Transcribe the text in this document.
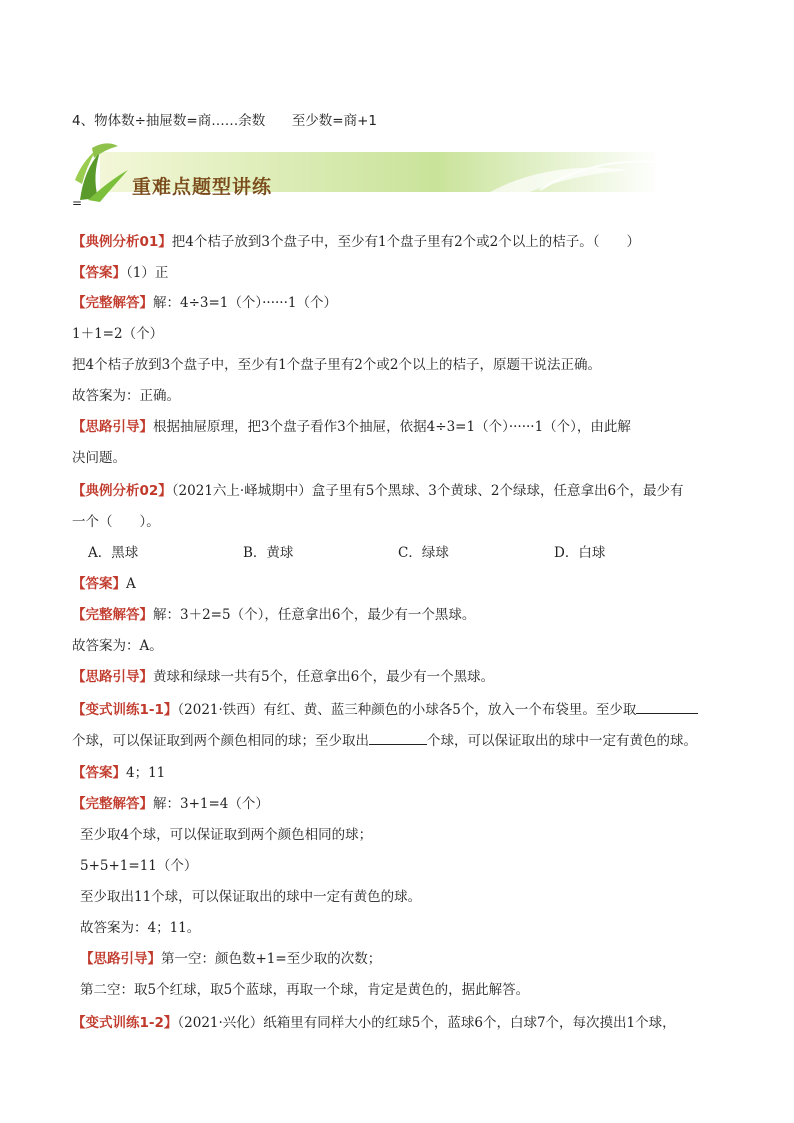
4、物体数÷抽屉数=商……余数 至少数=商+1
重难点题型讲练
=
【典例分析01】把4个桔子放到3个盘子中，至少有1个盘子里有2个或2个以上的桔子。（　　）
【答案】（1）正
【完整解答】解：4÷3=1（个）······1（个）
1＋1=2（个）
把4个桔子放到3个盘子中，至少有1个盘子里有2个或2个以上的桔子，原题干说法正确。
故答案为：正确。
【思路引导】根据抽屉原理，把3个盘子看作3个抽屉，依据4÷3=1（个）······1（个），由此解
决问题。
【典例分析02】（2021六上·峄城期中）盒子里有5个黑球、3个黄球、2个绿球，任意拿出6个，最少有
一个（　　）。
A．黑球	B．黄球	C．绿球	D．白球
【答案】A
【完整解答】解：3＋2=5（个），任意拿出6个，最少有一个黑球。
故答案为：A。
【思路引导】黄球和绿球一共有5个，任意拿出6个，最少有一个黑球。
【变式训练1-1】（2021·铁西）有红、黄、蓝三种颜色的小球各5个，放入一个布袋里。至少取
个球，可以保证取到两个颜色相同的球；至少取出	个球，可以保证取出的球中一定有黄色的球。
【答案】4；11
【完整解答】解：3+1=4（个）
至少取4个球，可以保证取到两个颜色相同的球；
5+5+1=11（个）
至少取出11个球，可以保证取出的球中一定有黄色的球。
故答案为：4；11。
【思路引导】第一空：颜色数+1=至少取的次数；
第二空：取5个红球，取5个蓝球，再取一个球，肯定是黄色的，据此解答。
【变式训练1-2】（2021·兴化）纸箱里有同样大小的红球5个，蓝球6个，白球7个，每次摸出1个球，
